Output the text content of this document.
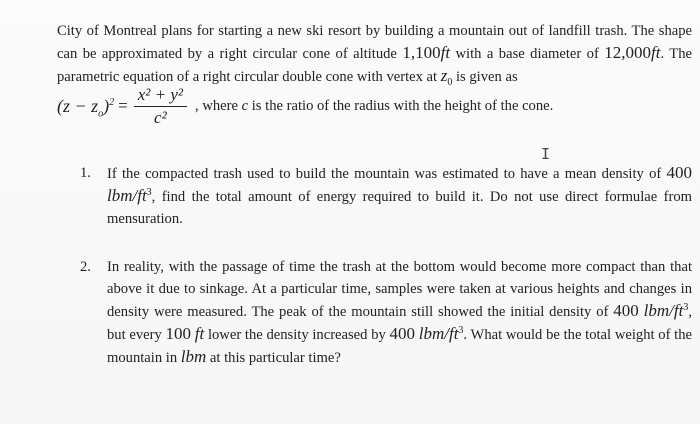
City of Montreal plans for starting a new ski resort by building a mountain out of landfill trash. The shape can be approximated by a right circular cone of altitude 1,100ft with a base diameter of 12,000ft. The parametric equation of a right circular double cone with vertex at $z_0$ is given as
$(z - z_o)^2 = \frac{\text{x² + y²}}{\text{c²}}$ , where c is the ratio of the radius with the height of the cone.
I
1. If the compacted trash used to build the mountain was estimated to have a mean density of 400 lbm/$ft^3$, find the total amount of energy required to build it. Do not use direct formulae from mensuration.
2. In reality, with the passage of time the trash at the bottom would become more compact than that above it due to sinkage. At a particular time, samples were taken at various heights and changes in density were measured. The peak of the mountain still showed the initial density of 400 lbm/$ft^3$, but every 100 ft lower the density increased by 400 lbm/$ft^3$. What would be the total weight of the mountain in lbm at this particular time?
